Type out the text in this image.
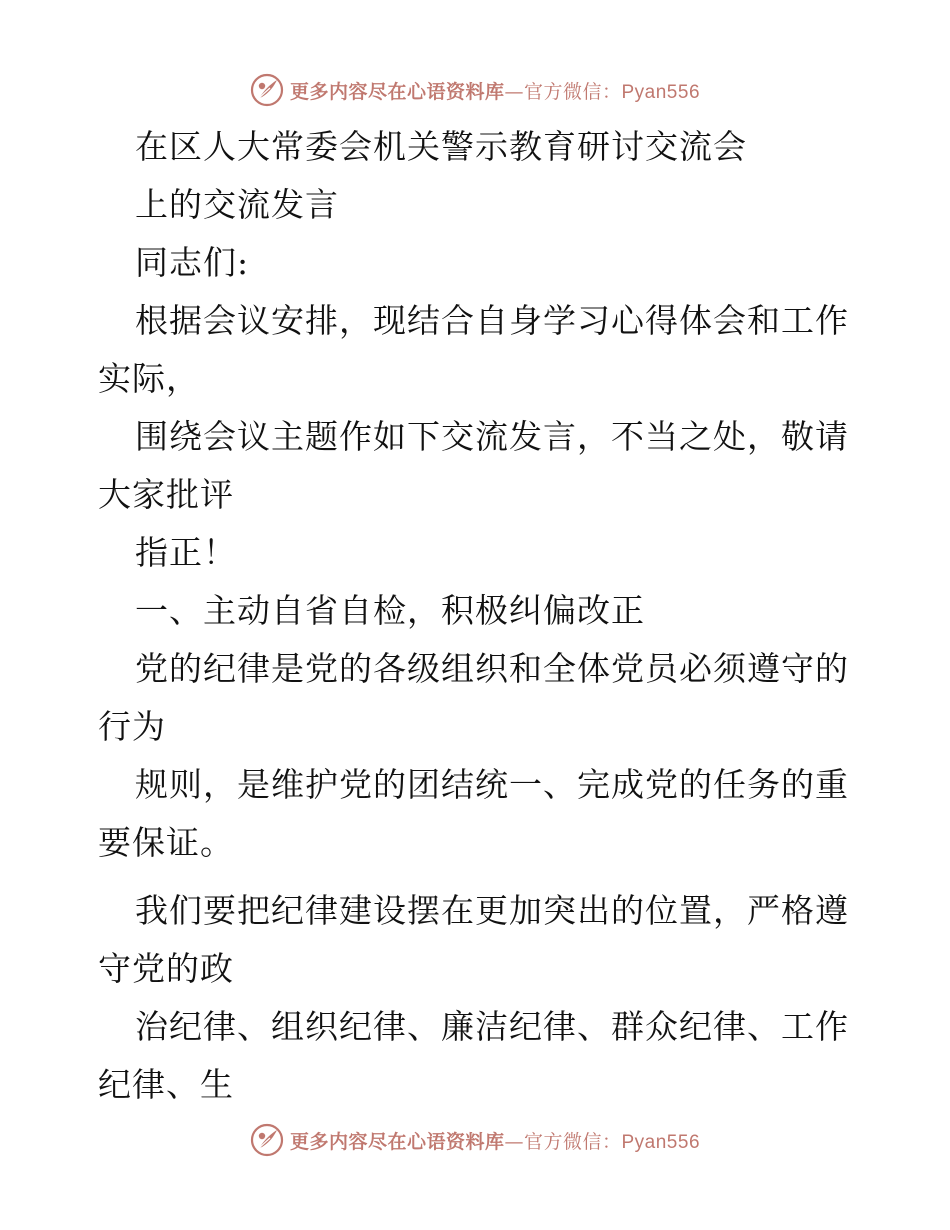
更多内容尽在心语资料库—官方微信：Pyan556
在区人大常委会机关警示教育研讨交流会
上的交流发言
同志们:
根据会议安排，现结合自身学习心得体会和工作
实际，
围绕会议主题作如下交流发言，不当之处，敬请
大家批评
指正！
一、主动自省自检，积极纠偏改正
党的纪律是党的各级组织和全体党员必须遵守的
行为
规则，是维护党的团结统一、完成党的任务的重
要保证。
我们要把纪律建设摆在更加突出的位置，严格遵
守党的政
治纪律、组织纪律、廉洁纪律、群众纪律、工作
纪律、生
更多内容尽在心语资料库—官方微信：Pyan556
